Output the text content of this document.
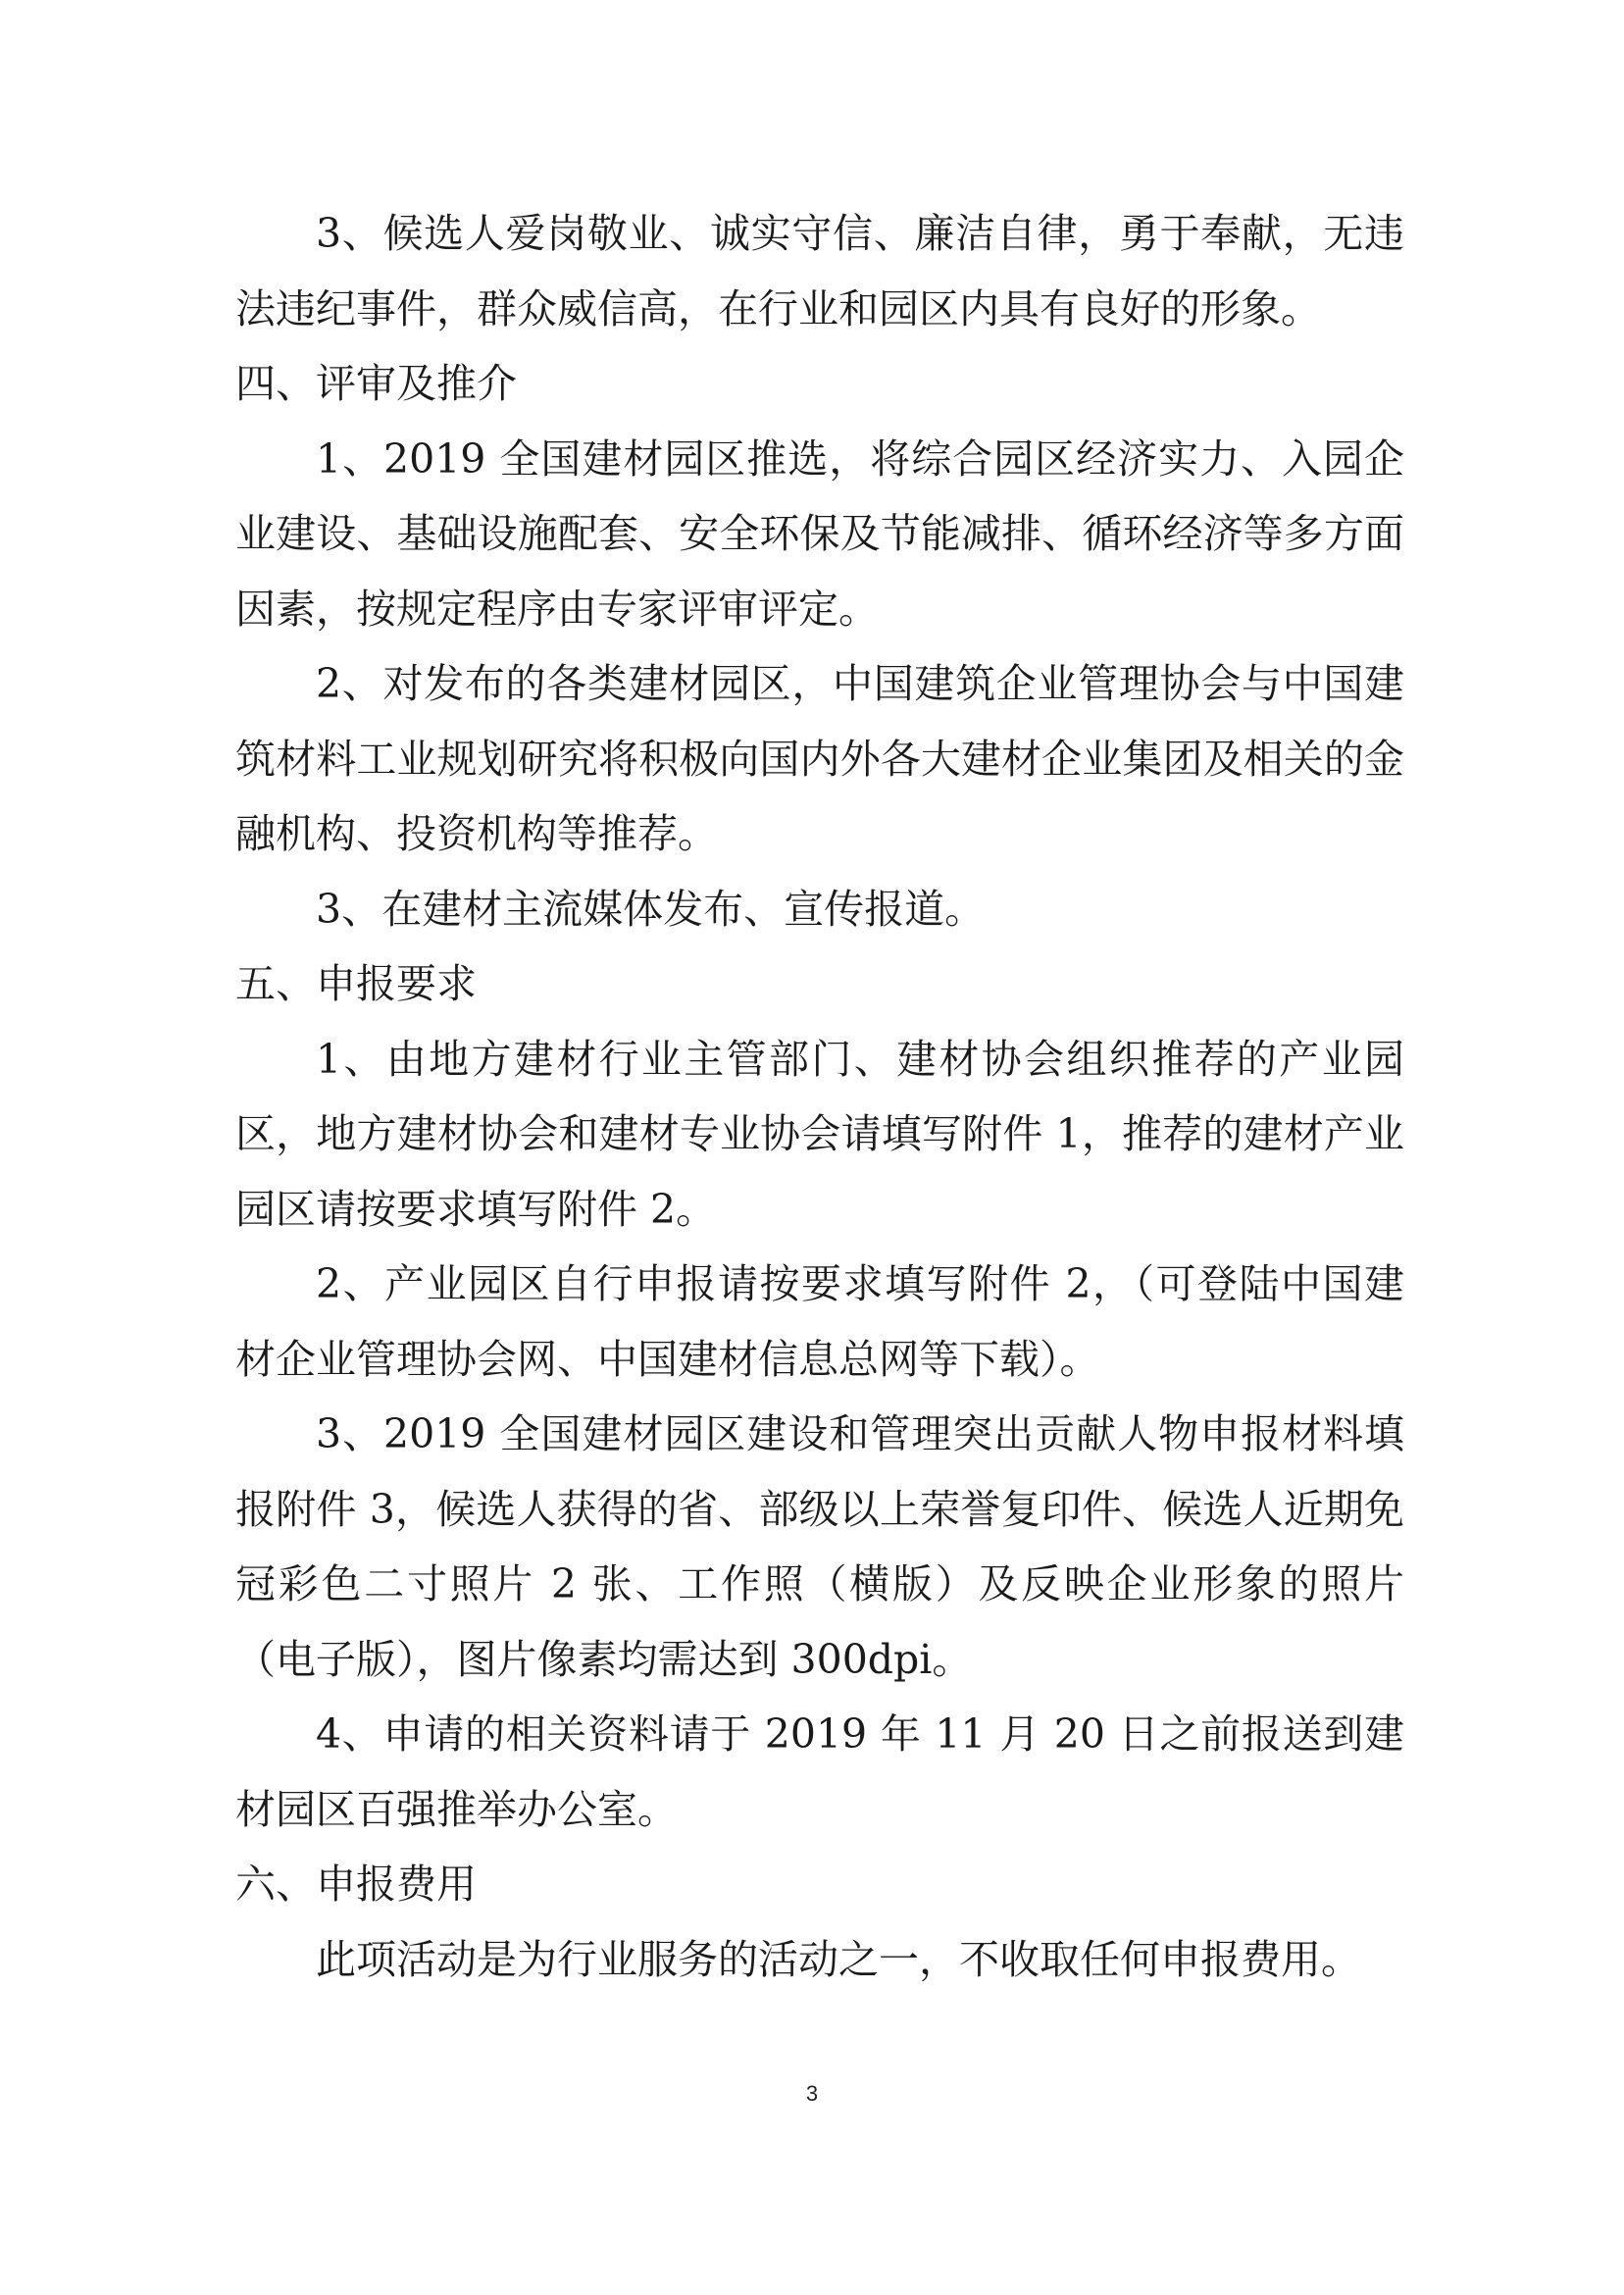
3、候选人爱岗敬业、诚实守信、廉洁自律，勇于奉献，无违法违纪事件，群众威信高，在行业和园区内具有良好的形象。

四、评审及推介

1、2019 全国建材园区推选，将综合园区经济实力、入园企业建设、基础设施配套、安全环保及节能减排、循环经济等多方面因素，按规定程序由专家评审评定。

2、对发布的各类建材园区，中国建筑企业管理协会与中国建筑材料工业规划研究将积极向国内外各大建材企业集团及相关的金融机构、投资机构等推荐。

3、在建材主流媒体发布、宣传报道。

五、申报要求

1、由地方建材行业主管部门、建材协会组织推荐的产业园区，地方建材协会和建材专业协会请填写附件 1，推荐的建材产业园区请按要求填写附件 2。

2、产业园区自行申报请按要求填写附件 2，（可登陆中国建材企业管理协会网、中国建材信息总网等下载）。

3、2019 全国建材园区建设和管理突出贡献人物申报材料填报附件 3，候选人获得的省、部级以上荣誉复印件、候选人近期免冠彩色二寸照片 2 张、工作照（横版）及反映企业形象的照片（电子版），图片像素均需达到 300dpi。

4、申请的相关资料请于 2019 年 11 月 20 日之前报送到建材园区百强推举办公室。

六、申报费用

此项活动是为行业服务的活动之一，不收取任何申报费用。

3
